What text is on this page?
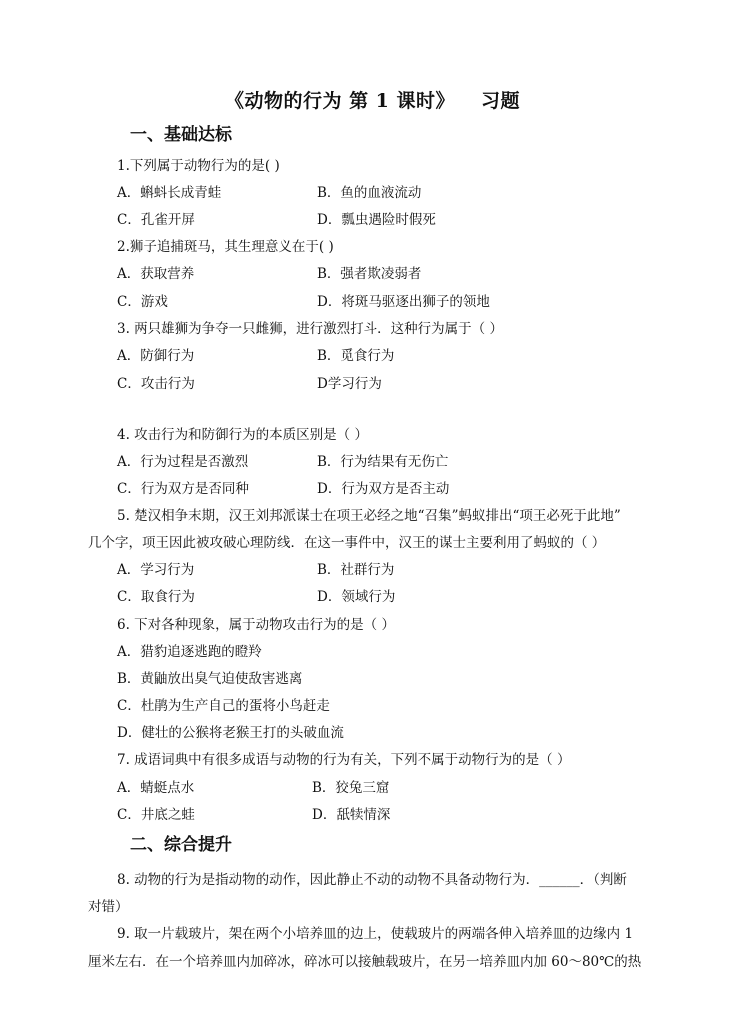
《动物的行为 第 1 课时》 习题
一、基础达标
1.下列属于动物行为的是( )
A．蝌蚪长成青蛙	B．鱼的血液流动
C．孔雀开屏	D．瓢虫遇险时假死
2.狮子追捕斑马，其生理意义在于( )
A．获取营养	B．强者欺凌弱者
C．游戏	D．将斑马驱逐出狮子的领地
3. 两只雄狮为争夺一只雌狮，进行激烈打斗．这种行为属于（ ）
A．防御行为	B．觅食行为
C．攻击行为	D学习行为
4. 攻击行为和防御行为的本质区别是（ ）
A．行为过程是否激烈	B．行为结果有无伤亡
C．行为双方是否同种	D．行为双方是否主动
5. 楚汉相争末期，汉王刘邦派谋士在项王必经之地“召集”蚂蚁排出“项王必死于此地”
几个字，项王因此被攻破心理防线．在这一事件中，汉王的谋士主要利用了蚂蚁的（ ）
A．学习行为	B．社群行为
C．取食行为	D．领域行为
6. 下对各种现象，属于动物攻击行为的是（ ）
A．猎豹追逐逃跑的瞪羚
B．黄鼬放出臭气迫使敌害逃离
C．杜鹃为生产自己的蛋将小鸟赶走
D．健壮的公猴将老猴王打的头破血流
7. 成语词典中有很多成语与动物的行为有关，下列不属于动物行为的是（ ）
A．蜻蜓点水	B．狡兔三窟
C．井底之蛙	D．舐犊情深
二、综合提升
8. 动物的行为是指动物的动作，因此静止不动的动物不具备动物行为．______．（判断
对错）
9. 取一片载玻片，架在两个小培养皿的边上，使载玻片的两端各伸入培养皿的边缘内 1
厘米左右．在一个培养皿内加碎冰，碎冰可以接触载玻片，在另一培养皿内加 60～80℃的热
